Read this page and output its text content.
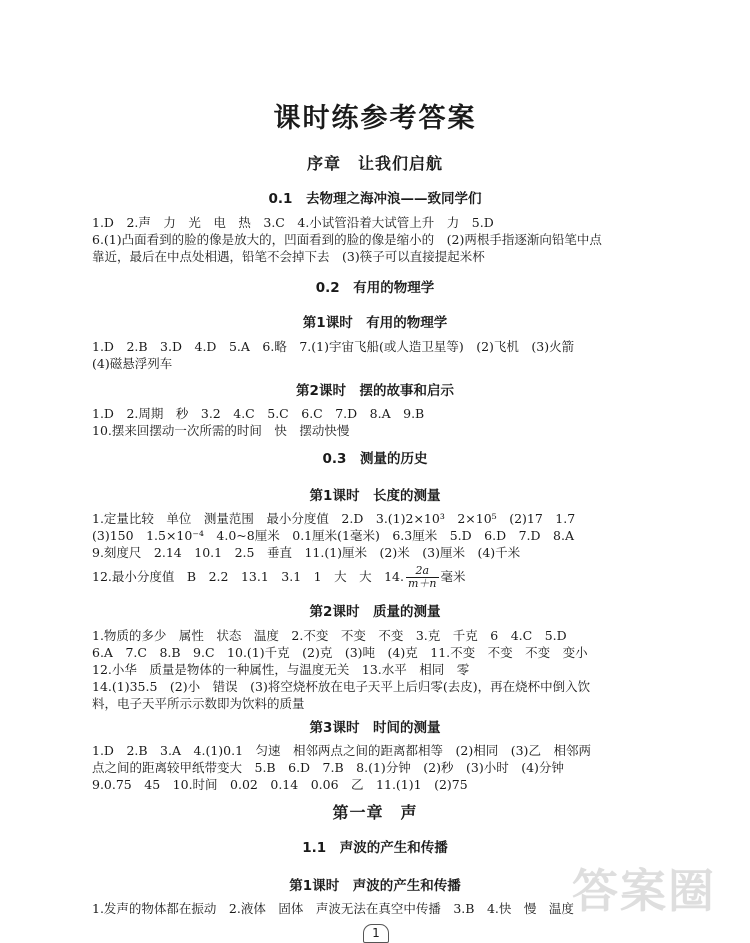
课时练参考答案
序章　让我们启航
0.1　去物理之海冲浪——致同学们
1.D　2.声　力　光　电　热　3.C　4.小试管沿着大试管上升　力　5.D
6.(1)凸面看到的脸的像是放大的，凹面看到的脸的像是缩小的　(2)两根手指逐渐向铅笔中点
靠近，最后在中点处相遇，铅笔不会掉下去　(3)筷子可以直接提起米杯
0.2　有用的物理学
第1课时　有用的物理学
1.D　2.B　3.D　4.D　5.A　6.略　7.(1)宇宙飞船(或人造卫星等)　(2)飞机　(3)火箭
(4)磁悬浮列车
第2课时　摆的故事和启示
1.D　2.周期　秒　3.2　4.C　5.C　6.C　7.D　8.A　9.B
10.摆来回摆动一次所需的时间　快　摆动快慢
0.3　测量的历史
第1课时　长度的测量
1.定量比较　单位　测量范围　最小分度值　2.D　3.(1)2×10³　2×10⁵　(2)17　1.7
(3)150　1.5×10⁻⁴　4.0~8厘米　0.1厘米(1毫米)　6.3厘米　5.D　6.D　7.D　8.A
9.刻度尺　2.14　10.1　2.5　垂直　11.(1)厘米　(2)米　(3)厘米　(4)千米
12.最小分度值　B　2.2　13.1　3.1　1　大　大　14. $\frac{2a}{m+n}$ 毫米
第2课时　质量的测量
1.物质的多少　属性　状态　温度　2.不变　不变　不变　3.克　千克　6　4.C　5.D
6.A　7.C　8.B　9.C　10.(1)千克　(2)克　(3)吨　(4)克　11.不变　不变　不变　变小
12.小华　质量是物体的一种属性，与温度无关　13.水平　相同　零
14.(1)35.5　(2)小　错误　(3)将空烧杯放在电子天平上后归零(去皮)，再在烧杯中倒入饮
料，电子天平所示示数即为饮料的质量
第3课时　时间的测量
1.D　2.B　3.A　4.(1)0.1　匀速　相邻两点之间的距离都相等　(2)相同　(3)乙　相邻两
点之间的距离较甲纸带变大　5.B　6.D　7.B　8.(1)分钟　(2)秒　(3)小时　(4)分钟
9.0.75　45　10.时间　0.02　0.14　0.06　乙　11.(1)1　(2)75
第一章　声
1.1　声波的产生和传播
第1课时　声波的产生和传播
1.发声的物体都在振动　2.液体　固体　声波无法在真空中传播　3.B　4.快　慢　温度
答案圈
1
